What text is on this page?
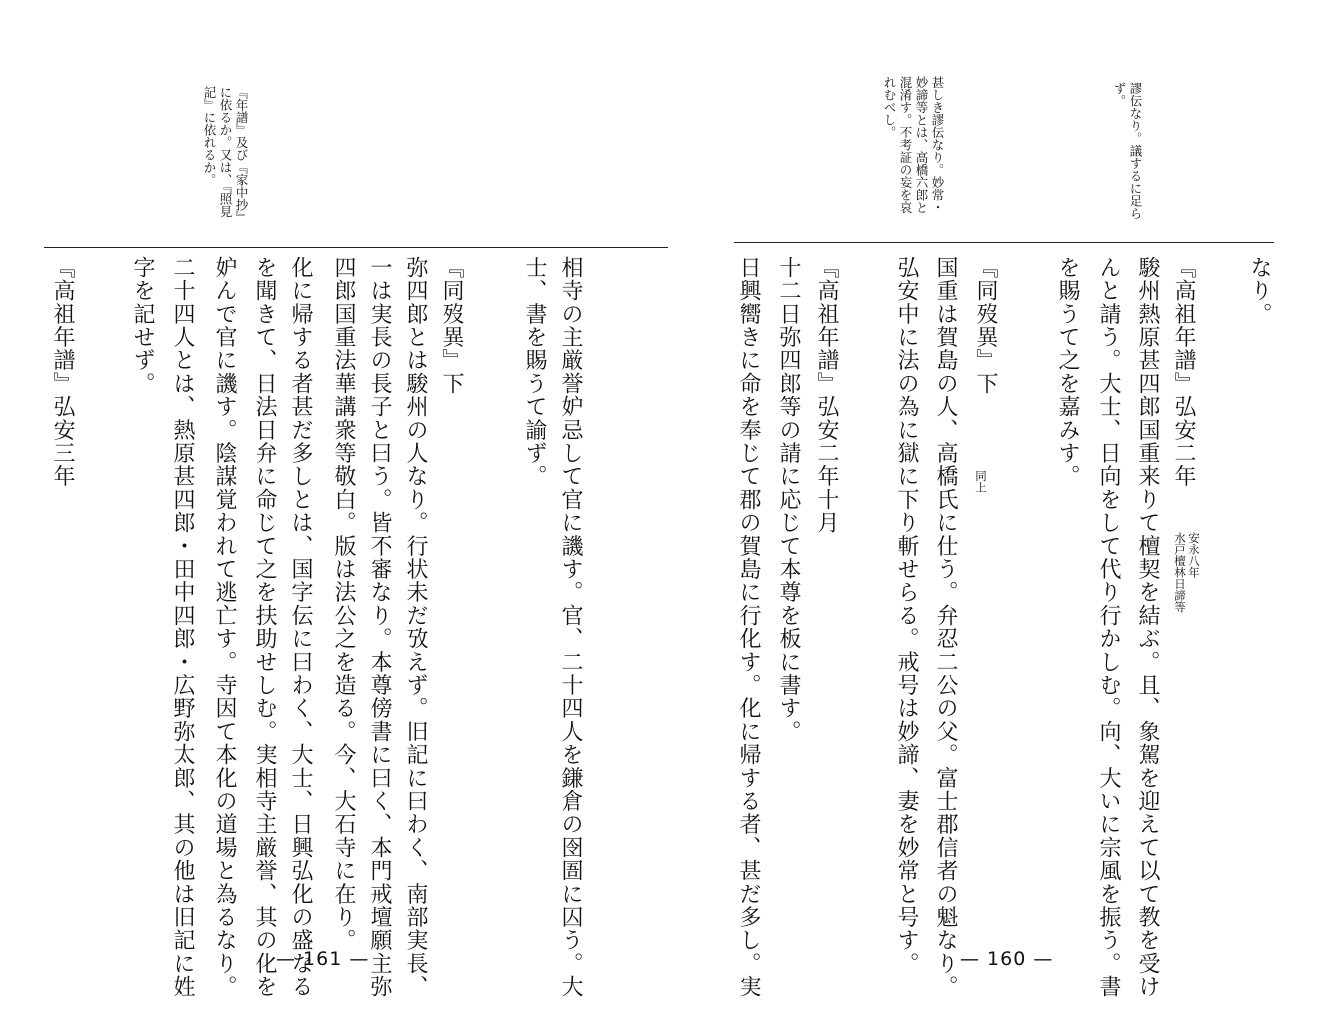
『年譜』及び『家中抄』
に依るか。又は、『照見
記』に依れるか。
相寺の主厳誉妒忌して官に譏す。官、二十四人を鎌倉の囹圄に囚う。大
士、書を賜うて諭ず。
『同歿異』下
弥四郎とは駿州の人なり。行状未だ攷えず。旧記に曰わく、南部実長、
一は実長の長子と曰う。皆不審なり。本尊傍書に曰く、本門戒壇願主弥
四郎国重法華講衆等敬白。版は法公之を造る。今、大石寺に在り。
化に帰する者甚だ多しとは、国字伝に曰わく、大士、日興弘化の盛なる
を聞きて、日法日弁に命じて之を扶助せしむ。実相寺主厳誉、其の化を
妒んで官に譏す。陰謀覚われて逃亡す。寺因て本化の道場と為るなり。
二十四人とは、熱原甚四郎・田中四郎・広野弥太郎、其の他は旧記に姓
字を記せず。
『高祖年譜』弘安三年
— 161 —
謬伝なり。議するに足ら
ず。
甚しき謬伝なり。妙常・
妙諦等とは、高橋六郎と
混淆す。不考証の妄を哀
れむべし。
なり。
『高祖年譜』弘安二年
駿州熱原甚四郎国重来りて檀契を結ぶ。且、象駕を迎えて以て教を受け
んと請う。大士、日向をして代り行かしむ。向、大いに宗風を振う。書
を賜うて之を嘉みす。
『同歿異』下
国重は賀島の人、高橋氏に仕う。弁忍二公の父。富士郡信者の魁なり。
弘安中に法の為に獄に下り斬せらる。戒号は妙諦、妻を妙常と号す。
『高祖年譜』弘安二年十月
十二日弥四郎等の請に応じて本尊を板に書す。
日興嚮きに命を奉じて郡の賀島に行化す。化に帰する者、甚だ多し。実	安永八年
水戸檀林日諦等
同上
— 160 —
